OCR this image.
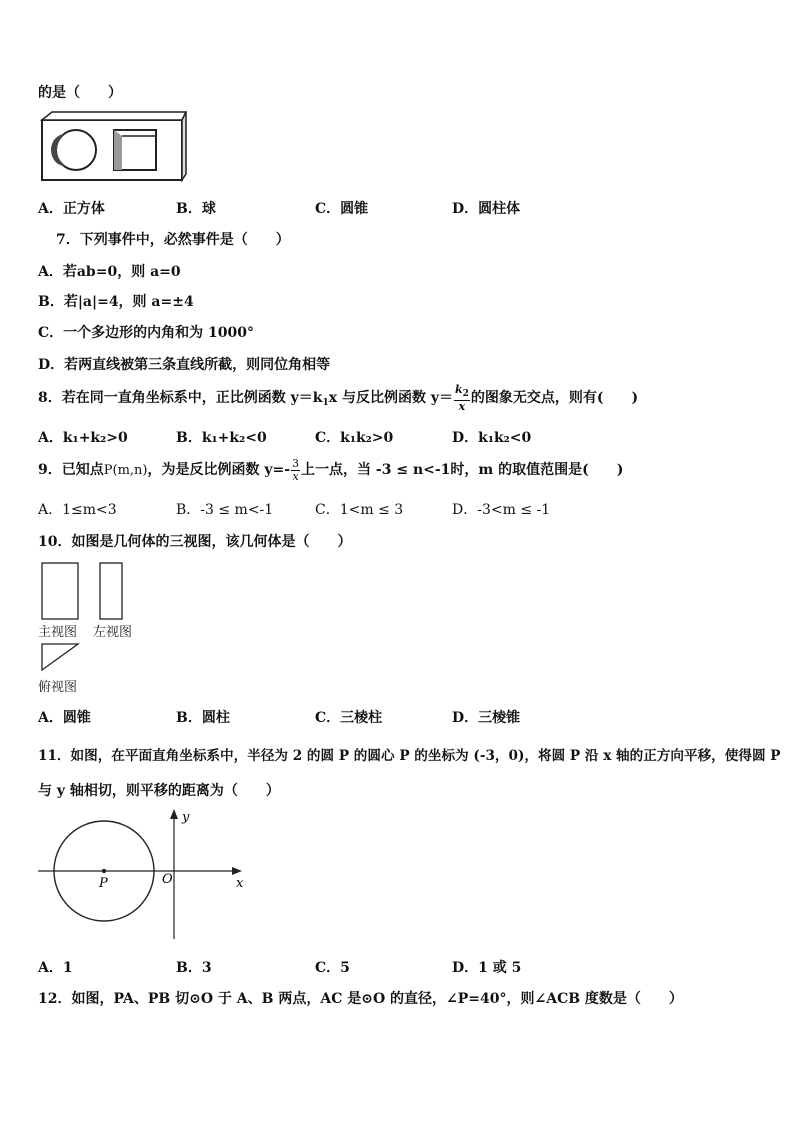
的是（　　）
A．正方体	B．球	C．圆锥	D．圆柱体
7．下列事件中，必然事件是（　　）
A．若ab=0，则 a=0
B．若|a|=4，则 a=±4
C．一个多边形的内角和为 1000°
D．若两直线被第三条直线所截，则同位角相等
8．若在同一直角坐标系中，正比例函数 $y=k_1x$ 与反比例函数 $y= \frac{k_2}{x}$ 的图象无交点，则有(　　)
A．k₁+k₂>0	B．k₁+k₂<0	C．k₁k₂>0	D．k₁k₂<0
9．已知点P(m,n)，为是反比例函数 $y=- \frac{3}{x}$ 上一点，当 -3 ≤ n<-1时，m 的取值范围是(　　)
A．1≤m<3	B．-3 ≤ m<-1	C．1<m ≤ 3	D．-3<m ≤ -1
10．如图是几何体的三视图，该几何体是（　　）
主视图 左视图
俯视图
A．圆锥	B．圆柱	C．三棱柱	D．三棱锥
11．如图，在平面直角坐标系中，半径为 2 的圆 P 的圆心 P 的坐标为 (-3，0)，将圆 P 沿 x 轴的正方向平移，使得圆 P
与 y 轴相切，则平移的距离为（　　）
x
y
O
P
A．1	B．3	C．5	D．1 或 5
12．如图，PA、PB 切⊙O 于 A、B 两点，AC 是⊙O 的直径，∠P=40°，则∠ACB 度数是（　　）
